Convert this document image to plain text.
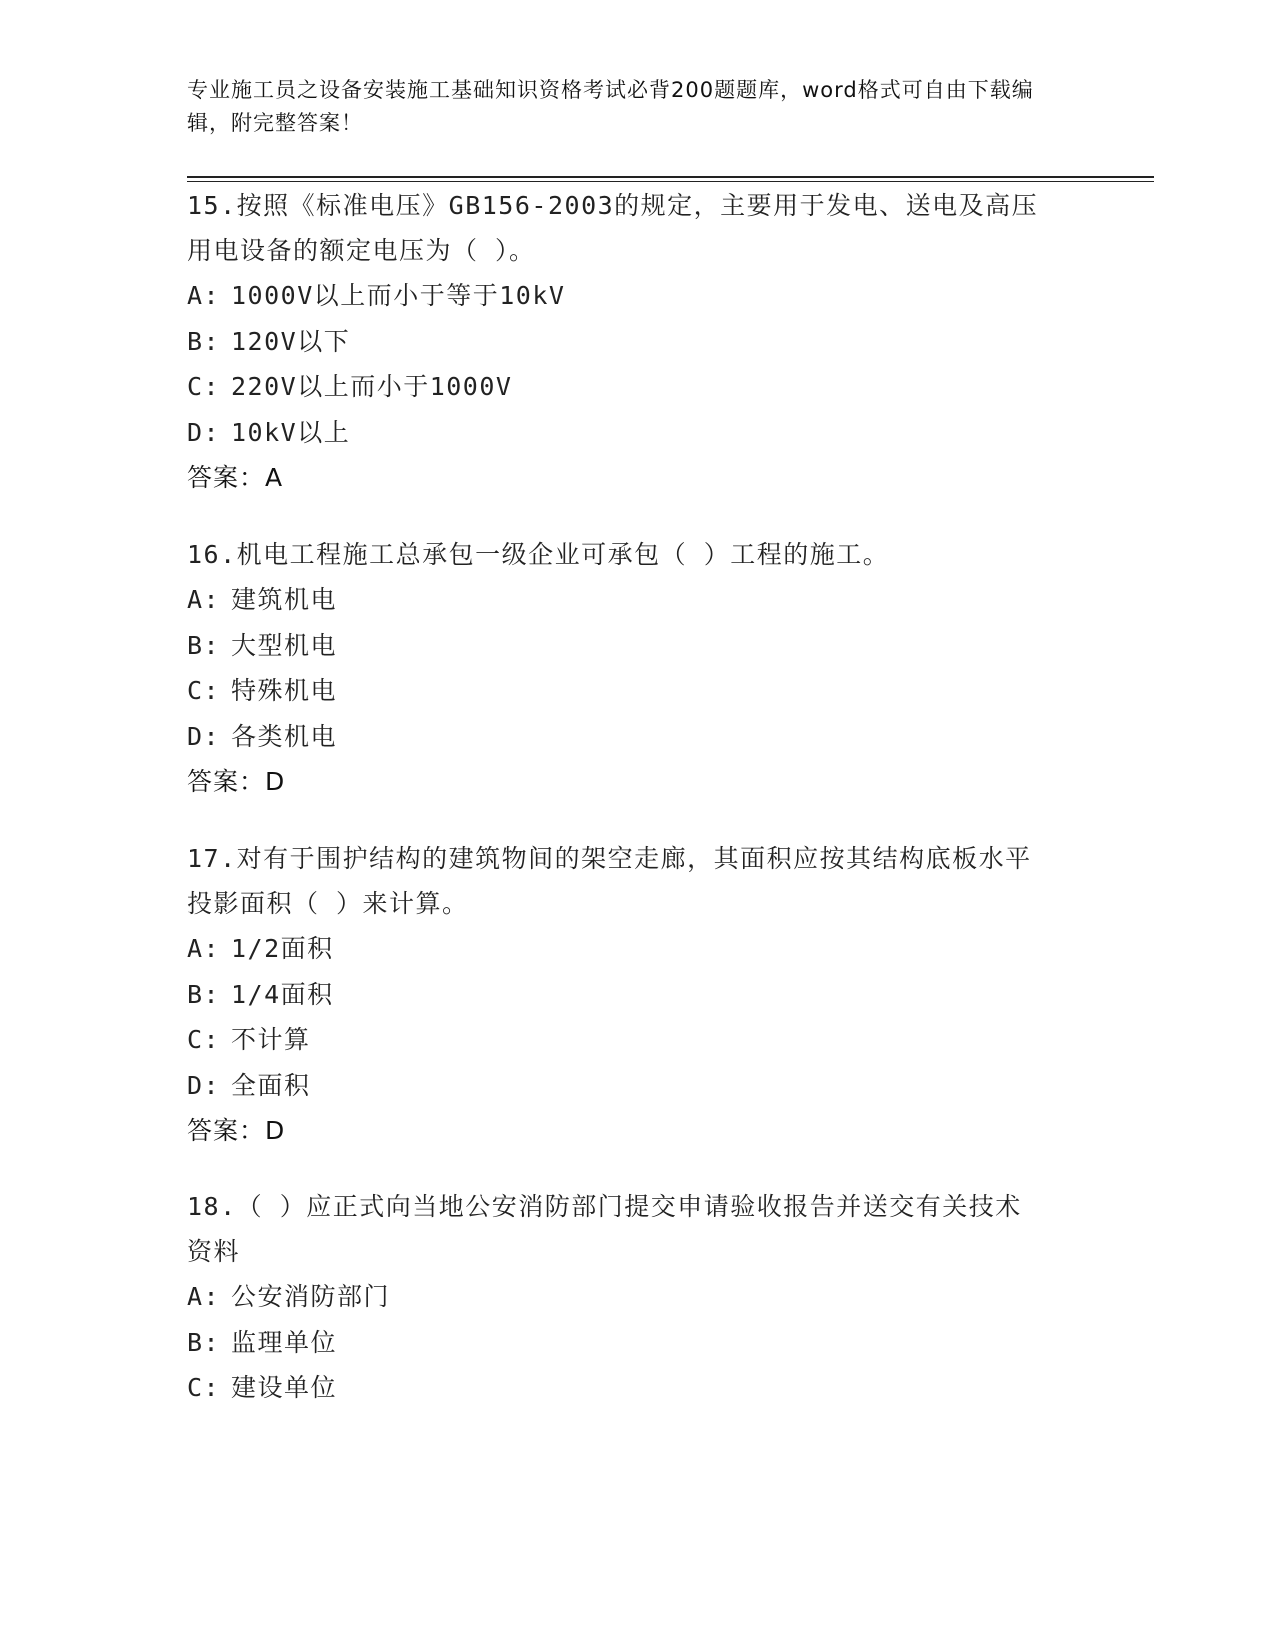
专业施工员之设备安装施工基础知识资格考试必背200题题库，word格式可自由下载编辑，附完整答案！

15.按照《标准电压》GB156-2003的规定，主要用于发电、送电及高压用电设备的额定电压为（ ）。

A: 1000V以上而小于等于10kV

B: 120V以下

C: 220V以上而小于1000V

D: 10kV以上

答案：A

16.机电工程施工总承包一级企业可承包（ ）工程的施工。

A: 建筑机电

B: 大型机电

C: 特殊机电

D: 各类机电

答案：D

17.对有于围护结构的建筑物间的架空走廊，其面积应按其结构底板水平投影面积（ ）来计算。

A: 1/2面积

B: 1/4面积

C: 不计算

D: 全面积

答案：D

18.（ ）应正式向当地公安消防部门提交申请验收报告并送交有关技术资料

A: 公安消防部门

B: 监理单位

C: 建设单位
